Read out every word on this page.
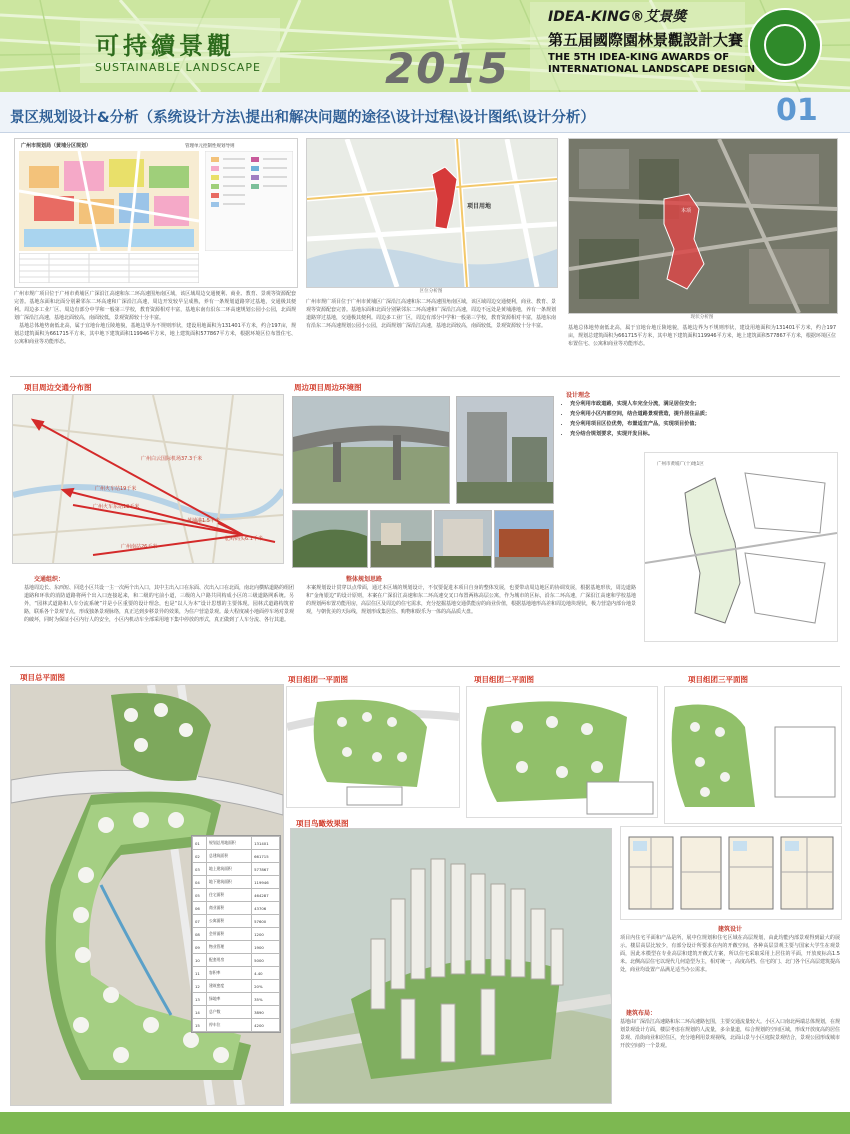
可持續景觀
SUSTAINABLE LANDSCAPE	2015
IDEA-KING®艾景獎
第五届國際園林景觀設計大賽
THE 5TH IDEA-KING AWARDS OF
INTERNATIONAL LANDSCAPE DESIGN
景区规划设计&分析（系统设计方法\提出和解决问题的途径\设计过程\设计图纸\设计分析）	01
广州市规划局（黄埔分区规划）	管理单元控制性规划导则
广州市规广项目位于广州市黄埔区广深沿江高速和东二环高速围角南区域，该区域周边交通便利、商业、教育、景观等资源配套完善。基地东面和北面分别紧邻东二环高速和广深沿江高速，周边开发较早呈成熟，养有一条规划道路穿过基地，交通极其便利。周边多工业厂区、周边有部分中学和一般第三学校，教育资源相对丰富，基地东南有沿东二环高速规划公园小公园，北面规划广深沿江高速，基地北面较高，南面较低，景观资源较十分丰富。
基地总体地势南低北高，属于宜地台地丘陵地貌，基地边界为不规则形状，建设用地面积为131401平方米，约合197亩，规划总建筑面积为661715平方米，其中地下建筑面积119946平方米，地上建筑面积577867平方米，根据环境区位布置住宅、公寓和商业等功能形态。
项目用地
区位分析图
广州市规广项目位于广州市黄埔区广深沿江高速和东二环高速围角南区域，该区域周边交通便利，商业、教育、景观等资源配套完善。基地东面和北面分别紧邻东二环高速和广深沿江高速，周边不远处是黄埔港地，养有一条规划道路穿过基地，交通极其便利。周边多工业厂区，周边有部分中学和一般第三学校，教育资源相对丰富，基地东南有沿东二环高速规划公园小公园，北面规划广深沿江高速，基地北面较高，南面较低，景观资源较十分丰富。
本项
现状分析图
基地总体地势南低北高，属于宜地台地丘陵地貌，基地边界为不规则形状，建设用地面积为131401平方米，约合197亩，规划总建筑面积为661715平方米，其中地下建筑面积119946平方米，地上建筑面积577867平方米，根据环境区位布置住宅、公寓和商业等功能形态。
项目周边交通分布图
广州白云国际机场37.3千米
广州火车站19千米
广州火车东站12千米
黄埔港1.5千米
广州南站26千米
肥岭码头6.1千米
周边项目周边环境图
设计理念
• 充分利用市政道路，实现人车完全分流，满足居住安全；
• 充分利用小区内部空间，结合道路景观营造，提升居住品质；
• 充分利用项目区位优势，布置适宜产品，实现项目价值；
• 充分结合规划要求，实现开发目标。
广州市黄埔广(十)地1区
交通组织：
基地周边长、东西短、回迭小区共设一主一次两个出入口，其中主出入口在东面、次出入口在北面，南北向横贴道路的组团道路和环状的消防道路将两个出入口连接起来，和二级的宅前小道，三级的入户路共同构成小区的三级道路网系统。另外，“园林式道路和人车分流系统”并是小区重要的设计理念，也是“以人为本”设计思想的主要体现。园林式道路构筑着路，联系各个景观节点，形成独条景观脉络，真正达到步移景异的效果，为住户营造景观。最大程度减小地面停车场对景观的破坏，同时为保证小区内行人的安全，小区内机动车全部采用地下集中停放的形式，真正做到了人车分流、各行其道。
整体规划思路
本案规划设计贯穿以点带面，通过本区域的规划设计，不仅要促进本项目自身的整体发展，也要带动周边地区的协调发展，根据基地形状，周边道路和“金角银边”的设计原则，本案在广深沿江高速和东二环高速交叉口布置两栋高层公寓，作为城市的区标，沿东二环高速，广深沿江高速和学校基地的规划两布置功能用房，高层住区及周边的住宅需求，充分挖掘基地交通供能房的商业价值，根据基地地形高差和周边地块现状，极力营造内部台地景观，与朝优美的天际线，规划形成集居住、购物和娱乐为一体的高品质大盘。
项目总平面图
01	规划总用地面积	131401
02	总建筑面积	661715
03	地上建筑面积	577867
04	地下建筑面积	119946
05	住宅面积	464287
06	商业面积	43706
07	公寓面积	57600
08	会所面积	1200
09	物业管理	1900
10	配套用房	5000
11	容积率	4.40
12	建筑密度	20%
13	绿地率	35%
14	总户数	3890
15	停车位	4200
项目组团一平面图	项目组团二平面图	项目组团三平面图
项目鸟瞰效果图
建筑设计
项目内住宅平面和产品是所，展中位规划和住宅区域在高层规划，由此均能内部景观得到最大的展示。楼层高层比较少，有部分设计所要求在内的开敞空间，各种高层景观主要与国家大学生在观景面，因此本模型在专业高层和建筑开敞式方案，所以住宅采取采用上居住的平面，开放度标高1.5米。北侧高层住宅以现代几何造型为主，相对统一，高度高档、住宅的门、北门各个区高层建筑提高处，商业均设置产品满足适当办公需求。
建筑布局：
基地由广深沿江高速路和东二环高速路包围，主要交通流量较大。小区入口南北两端总体规划，在规划景观设计方面，楼层考虑在规划的人流量，多余量道，综合规划的空间区域，形成开放度高的居住景观、沿街商业和居住区，充分地利用景观视线，北面山景与小区庭院景观结合，景观公园形成城市开放空间的一个景观。
